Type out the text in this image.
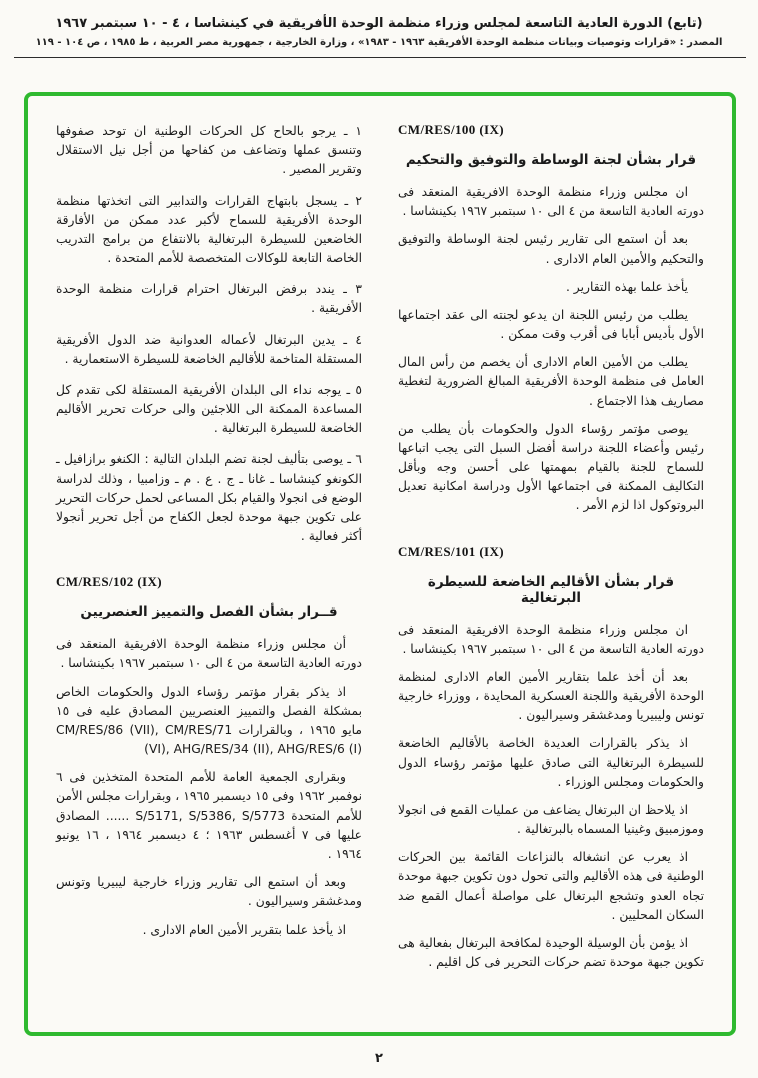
(تابع) الدورة العادية التاسعة لمجلس وزراء منظمة الوحدة الأفريقية في كينشاسا ، ٤ - ١٠ سبتمبر ١٩٦٧
المصدر : «قرارات وتوصيات وبيانات منظمة الوحدة الأفريقية ١٩٦٣ - ١٩٨٣» ، وزارة الخارجية ، جمهورية مصر العربية ، ط ١٩٨٥ ، ص ١٠٤ - ١١٩
CM/RES/100 (IX)
قرار بشأن لجنة الوساطة والتوفيق والتحكيم

ان مجلس وزراء منظمة الوحدة الافريقية المنعقد فى دورته العادية التاسعة من ٤ الى ١٠ سبتمبر ١٩٦٧ بكينشاسا .

بعد أن استمع الى تقارير رئيس لجنة الوساطة والتوفيق والتحكيم والأمين العام الادارى .

يأخذ علما بهذه التقارير .

يطلب من رئيس اللجنة ان يدعو لجنته الى عقد اجتماعها الأول بأديس أبابا فى أقرب وقت ممكن .

يطلب من الأمين العام الادارى أن يخصم من رأس المال العامل فى منظمة الوحدة الأفريقية المبالغ الضرورية لتغطية مصاريف هذا الاجتماع .

يوصى مؤتمر رؤساء الدول والحكومات بأن يطلب من رئيس وأعضاء اللجنة دراسة أفضل السبل التى يجب اتباعها للسماح للجنة بالقيام بمهمتها على أحسن وجه وبأقل التكاليف الممكنة فى اجتماعها الأول ودراسة امكانية تعديل البروتوكول اذا لزم الأمر .

CM/RES/101 (IX)
قرار بشأن الأقاليم الخاضعة للسيطرة البرتغالية

ان مجلس وزراء منظمة الوحدة الافريقية المنعقد فى دورته العادية التاسعة من ٤ الى ١٠ سبتمبر ١٩٦٧ بكينشاسا .

بعد أن أخذ علما بتقارير الأمين العام الادارى لمنظمة الوحدة الأفريقية واللجنة العسكرية المحايدة ، ووزراء خارجية تونس وليبيريا ومدغشقر وسيراليون .

اذ يذكر بالقرارات العديدة الخاصة بالأقاليم الخاضعة للسيطرة البرتغالية التى صادق عليها مؤتمر رؤساء الدول والحكومات ومجلس الوزراء .

اذ يلاحظ ان البرتغال يضاعف من عمليات القمع فى انجولا وموزمبيق وغينيا المسماه بالبرتغالية .

اذ يعرب عن انشغاله بالنزاعات القائمة بين الحركات الوطنية فى هذه الأقاليم والتى تحول دون تكوين جبهة موحدة تجاه العدو وتشجع البرتغال على مواصلة أعمال القمع ضد السكان المحليين .

اذ يؤمن بأن الوسيلة الوحيدة لمكافحة البرتغال بفعالية هى تكوين جبهة موحدة تضم حركات التحرير فى كل اقليم .

١ ـ يرجو بالحاح كل الحركات الوطنية ان توحد صفوفها وتنسق عملها وتضاعف من كفاحها من أجل نيل الاستقلال وتقرير المصير .

٢ ـ يسجل بابتهاج القرارات والتدابير التى اتخذتها منظمة الوحدة الأفريقية للسماح لأكبر عدد ممكن من الأفارقة الخاضعين للسيطرة البرتغالية بالانتفاع من برامج التدريب الخاصة التابعة للوكالات المتخصصة للأمم المتحدة .

٣ ـ يندد برفض البرتغال احترام قرارات منظمة الوحدة الأفريقية .

٤ ـ يدين البرتغال لأعماله العدوانية ضد الدول الأفريقية المستقلة المتاخمة للأقاليم الخاضعة للسيطرة الاستعمارية .

٥ ـ يوجه نداء الى البلدان الأفريقية المستقلة لكى تقدم كل المساعدة الممكنة الى اللاجئين والى حركات تحرير الأقاليم الخاضعة للسيطرة البرتغالية .

٦ ـ يوصى بتأليف لجنة تضم البلدان التالية : الكنغو برازافيل ـ الكونغو كينشاسا ـ غانا ـ ج . ع . م ـ وزامبيا ، وذلك لدراسة الوضع فى انجولا والقيام بكل المساعى لحمل حركات التحرير على تكوين جبهة موحدة لجعل الكفاح من أجل تحرير أنجولا أكثر فعالية .

CM/RES/102 (IX)
قــرار بشأن الفصل والتمييز العنصريين

أن مجلس وزراء منظمة الوحدة الافريقية المنعقد فى دورته العادية التاسعة من ٤ الى ١٠ سبتمبر ١٩٦٧ بكينشاسا .

اذ يذكر بقرار مؤتمر رؤساء الدول والحكومات الخاص بمشكلة الفصل والتمييز العنصريين المصادق عليه فى ١٥ مايو ١٩٦٥ ، وبالقرارات CM/RES/86 (VII), CM/RES/71 (VI), AHG/RES/34 (II), AHG/RES/6 (I)

وبقرارى الجمعية العامة للأمم المتحدة المتخذين فى ٦ نوفمبر ١٩٦٢ وفى ١٥ ديسمبر ١٩٦٥ ، وبقرارات مجلس الأمن للأمم المتحدة S/5171, S/5386, S/5773 ...... المصادق عليها فى ٧ أغسطس ١٩٦٣ ؛ ٤ ديسمبر ١٩٦٤ ، ١٦ يونيو ١٩٦٤ .

وبعد أن استمع الى تقارير وزراء خارجية ليبيريا وتونس ومدغشقر وسيراليون .

اذ يأخذ علما بتقرير الأمين العام الادارى .

٢
